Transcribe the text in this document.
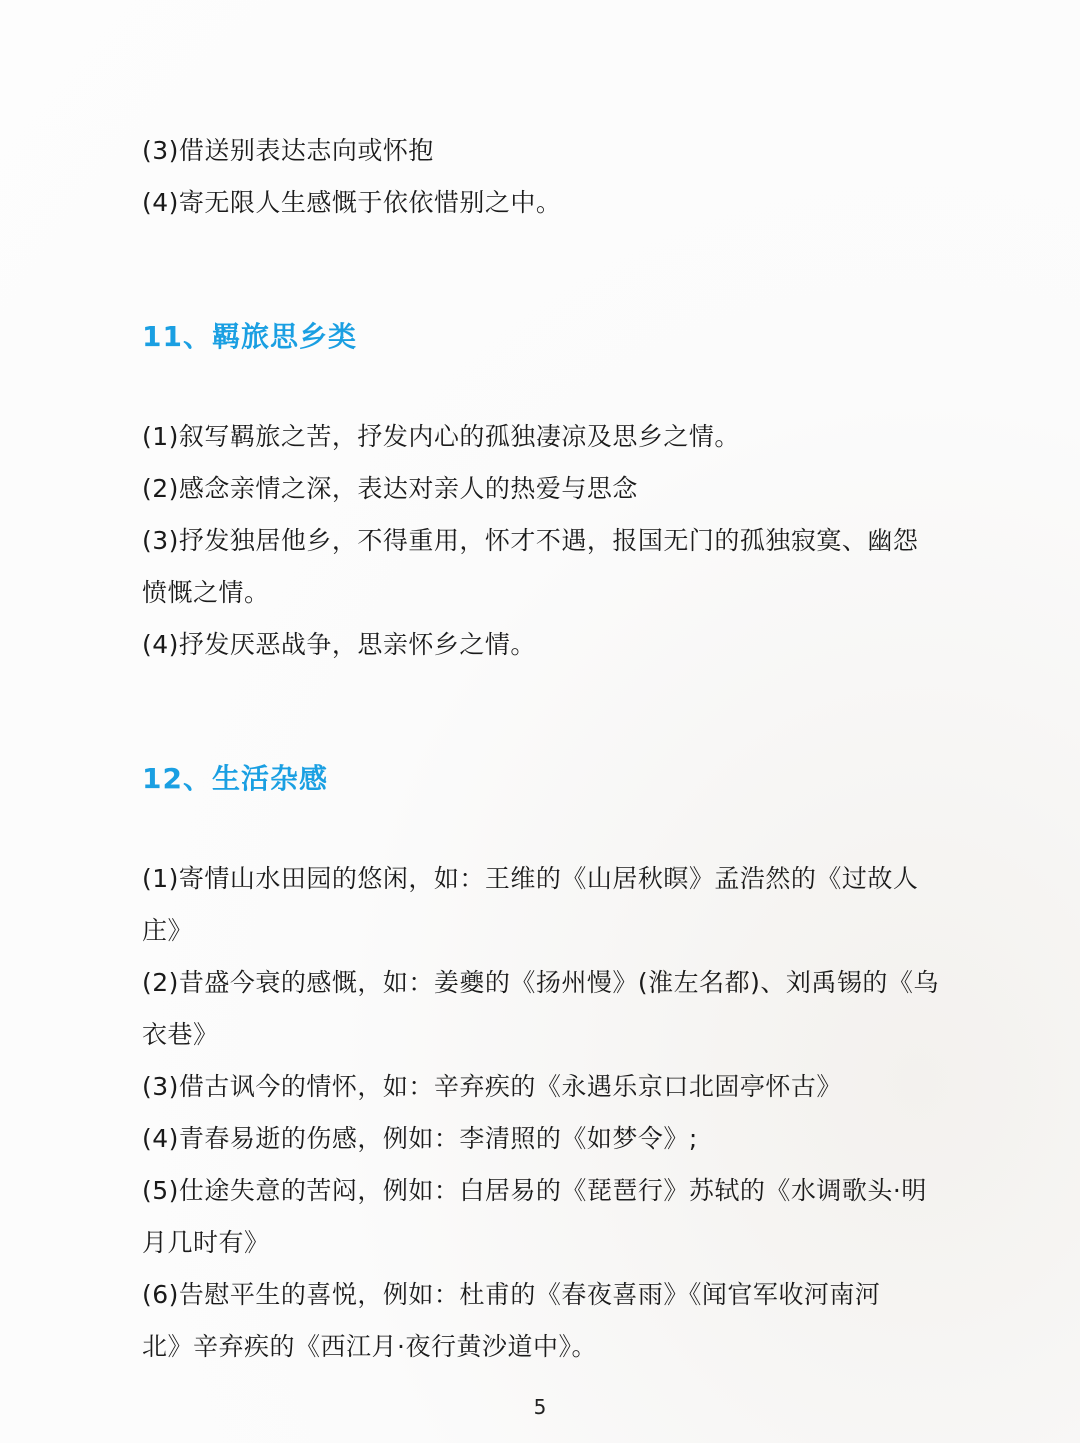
(3)借送别表达志向或怀抱

(4)寄无限人生感慨于依依惜别之中。

11、羁旅思乡类

(1)叙写羁旅之苦，抒发内心的孤独凄凉及思乡之情。

(2)感念亲情之深，表达对亲人的热爱与思念

(3)抒发独居他乡，不得重用，怀才不遇，报国无门的孤独寂寞、幽怨

愤慨之情。

(4)抒发厌恶战争，思亲怀乡之情。

12、生活杂感

(1)寄情山水田园的悠闲，如：王维的《山居秋暝》孟浩然的《过故人

庄》

(2)昔盛今衰的感慨，如：姜夔的《扬州慢》(淮左名都)、刘禹锡的《乌

衣巷》

(3)借古讽今的情怀，如：辛弃疾的《永遇乐京口北固亭怀古》

(4)青春易逝的伤感，例如：李清照的《如梦令》;

(5)仕途失意的苦闷，例如：白居易的《琵琶行》苏轼的《水调歌头·明

月几时有》

(6)告慰平生的喜悦，例如：杜甫的《春夜喜雨》《闻官军收河南河

北》辛弃疾的《西江月·夜行黄沙道中》。

5
